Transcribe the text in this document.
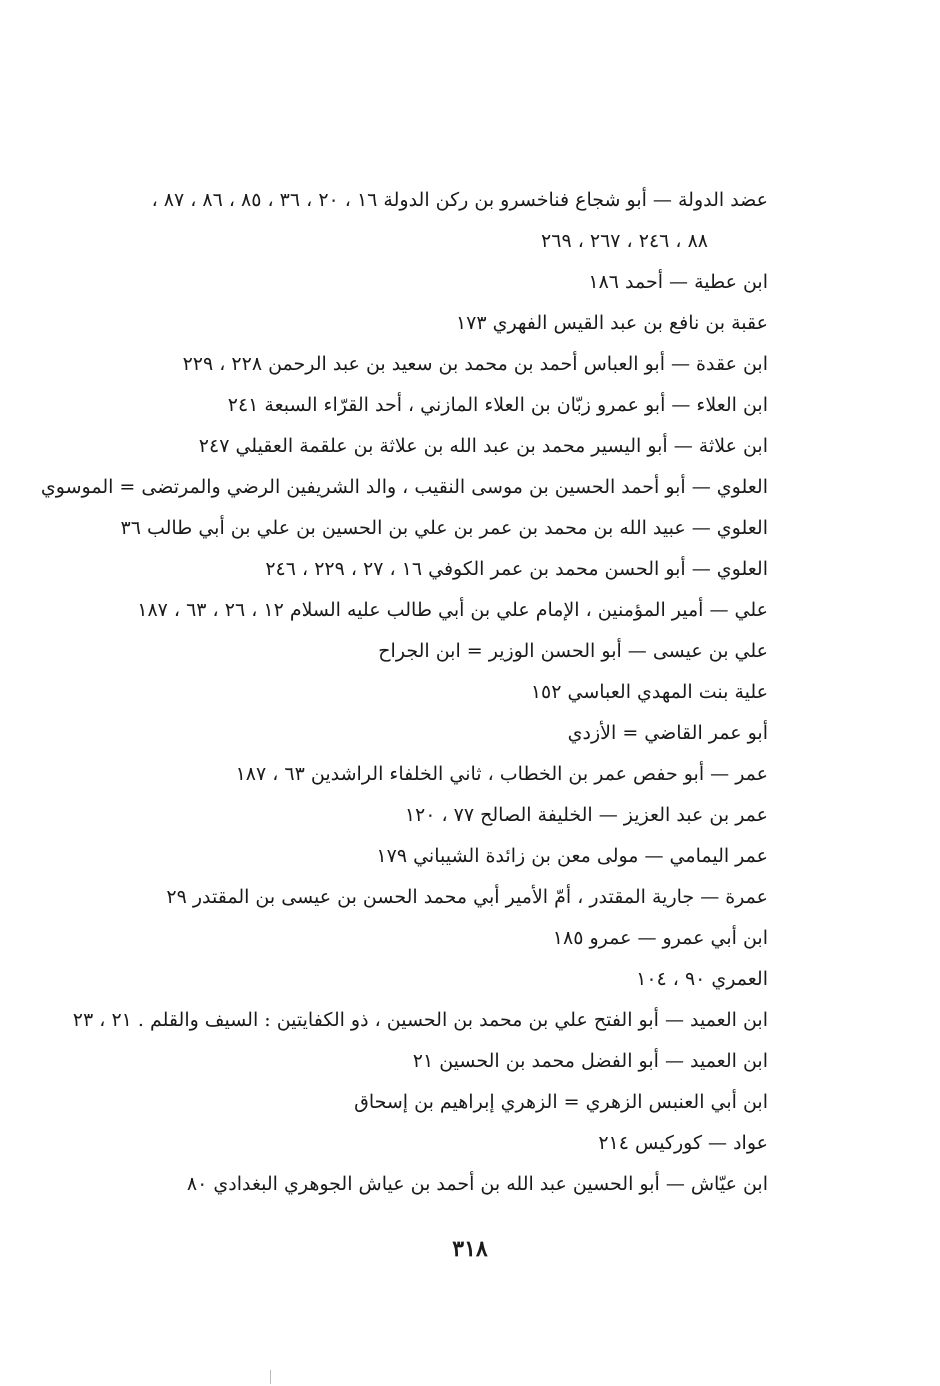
عضد الدولة — أبو شجاع فناخسرو بن ركن الدولة ١٦ ، ٢٠ ، ٣٦ ، ٨٥ ، ٨٦ ، ٨٧ ،
٨٨ ، ٢٤٦ ، ٢٦٧ ، ٢٦٩
ابن عطية — أحمد ١٨٦
عقبة بن نافع بن عبد القيس الفهري ١٧٣
ابن عقدة — أبو العباس أحمد بن محمد بن سعيد بن عبد الرحمن ٢٢٨ ، ٢٢٩
ابن العلاء — أبو عمرو زبّان بن العلاء المازني ، أحد القرّاء السبعة ٢٤١
ابن علاثة — أبو اليسير محمد بن عبد الله بن علاثة بن علقمة العقيلي ٢٤٧
العلوي — أبو أحمد الحسين بن موسى النقيب ، والد الشريفين الرضي والمرتضى = الموسوي
العلوي — عبيد الله بن محمد بن عمر بن علي بن الحسين بن علي بن أبي طالب ٣٦
العلوي — أبو الحسن محمد بن عمر الكوفي ١٦ ، ٢٧ ، ٢٢٩ ، ٢٤٦
علي — أمير المؤمنين ، الإمام علي بن أبي طالب عليه السلام ١٢ ، ٢٦ ، ٦٣ ، ١٨٧
علي بن عيسى — أبو الحسن الوزير = ابن الجراح
علية بنت المهدي العباسي ١٥٢
أبو عمر القاضي = الأزدي
عمر — أبو حفص عمر بن الخطاب ، ثاني الخلفاء الراشدين ٦٣ ، ١٨٧
عمر بن عبد العزيز — الخليفة الصالح ٧٧ ، ١٢٠
عمر اليمامي — مولى معن بن زائدة الشيباني ١٧٩
عمرة — جارية المقتدر ، أمّ الأمير أبي محمد الحسن بن عيسى بن المقتدر ٢٩
ابن أبي عمرو — عمرو ١٨٥
العمري ٩٠ ، ١٠٤
ابن العميد — أبو الفتح علي بن محمد بن الحسين ، ذو الكفايتين : السيف والقلم . ٢١ ، ٢٣
ابن العميد — أبو الفضل محمد بن الحسين ٢١
ابن أبي العنبس الزهري = الزهري إبراهيم بن إسحاق
عواد — كوركيس ٢١٤
ابن عيّاش — أبو الحسين عبد الله بن أحمد بن عياش الجوهري البغدادي ٨٠
٣١٨
